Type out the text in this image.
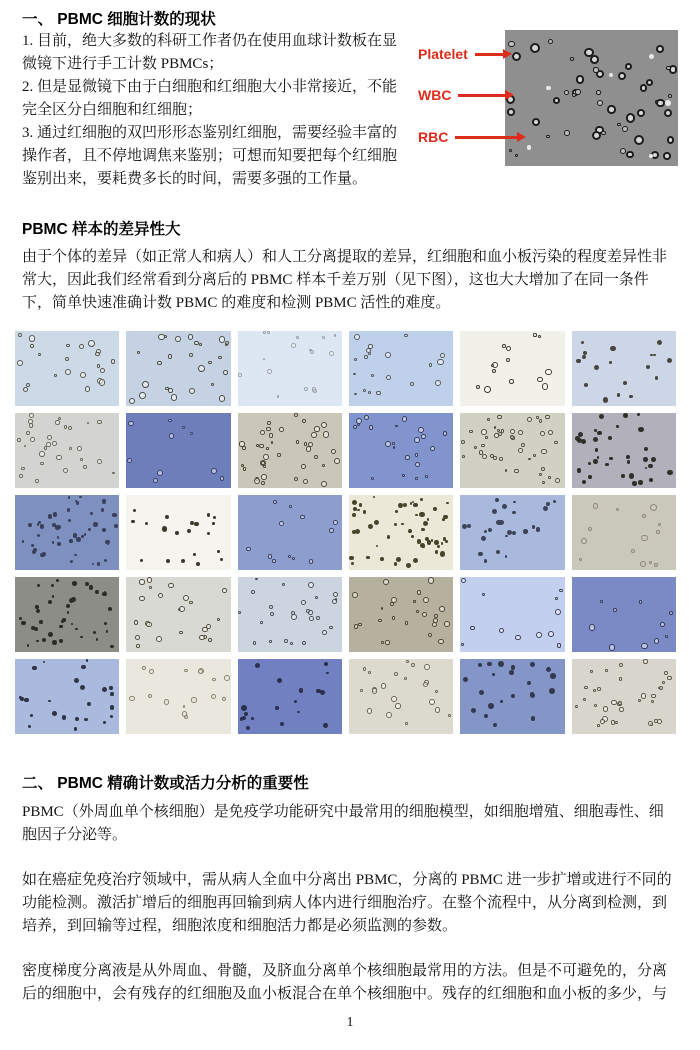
一、 PBMC 细胞计数的现状
Platelet
WBC
RBC

1. 目前，绝大多数的科研工作者仍在使用血球计数板在显微镜下进行手工计数 PBMCs；

2. 但是显微镜下由于白细胞和红细胞大小非常接近，不能完全区分白细胞和红细胞；

3. 通过红细胞的双凹形形态鉴别红细胞，需要经验丰富的操作者，且不停地调焦来鉴别；可想而知要把每个红细胞鉴别出来，要耗费多长的时间，需要多强的工作量。

PBMC 样本的差异性大

由于个体的差异（如正常人和病人）和人工分离提取的差异，红细胞和血小板污染的程度差异性非常大，因此我们经常看到分离后的 PBMC 样本千差万别（见下图），这也大大增加了在同一条件下，简单快速准确计数 PBMC 的难度和检测 PBMC 活性的难度。

二、 PBMC 精确计数或活力分析的重要性

PBMC（外周血单个核细胞）是免疫学功能研究中最常用的细胞模型，如细胞增殖、细胞毒性、细胞因子分泌等。

如在癌症免疫治疗领域中，需从病人全血中分离出 PBMC，分离的 PBMC 进一步扩增或进行不同的功能检测。激活扩增后的细胞再回输到病人体内进行细胞治疗。在整个流程中，从分离到检测，到培养，到回输等过程，细胞浓度和细胞活力都是必须监测的参数。

密度梯度分离液是从外周血、骨髓，及脐血分离单个核细胞最常用的方法。但是不可避免的，分离后的细胞中，会有残存的红细胞及血小板混合在单个核细胞中。残存的红细胞和血小板的多少，与

1
